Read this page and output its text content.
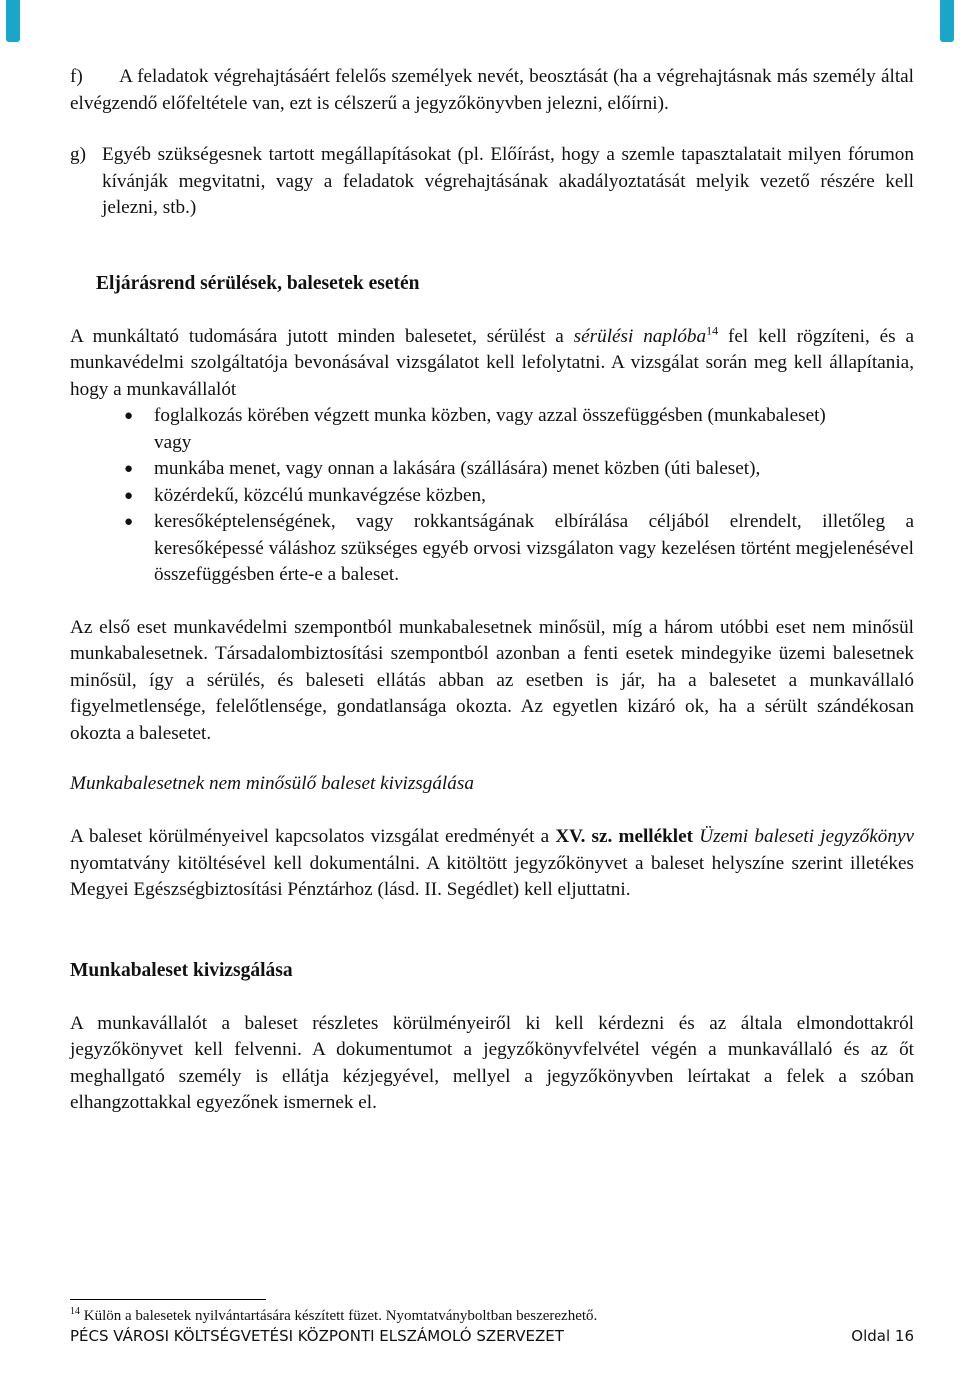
f) A feladatok végrehajtásáért felelős személyek nevét, beosztását (ha a végrehajtásnak más személy által elvégzendő előfeltétele van, ezt is célszerű a jegyzőkönyvben jelezni, előírni).

g) Egyéb szükségesnek tartott megállapításokat (pl. Előírást, hogy a szemle tapasztalatait milyen fórumon kívánják megvitatni, vagy a feladatok végrehajtásának akadályoztatását melyik vezető részére kell jelezni, stb.)
Eljárásrend sérülések, balesetek esetén

A munkáltató tudomására jutott minden balesetet, sérülést a sérülési naplóba$^{14}$ fel kell rögzíteni, és a munkavédelmi szolgáltatója bevonásával vizsgálatot kell lefolytatni. A vizsgálat során meg kell állapítania, hogy a munkavállalót

● foglalkozás körében végzett munka közben, vagy azzal összefüggésben (munkabaleset)
vagy
● munkába menet, vagy onnan a lakására (szállására) menet közben (úti baleset),
● közérdekű, közcélú munkavégzése közben,
● keresőképtelenségének, vagy rokkantságának elbírálása céljából elrendelt, illetőleg a keresőképessé váláshoz szükséges egyéb orvosi vizsgálaton vagy kezelésen történt megjelenésével összefüggésben érte-e a baleset.

Az első eset munkavédelmi szempontból munkabalesetnek minősül, míg a három utóbbi eset nem minősül munkabalesetnek. Társadalombiztosítási szempontból azonban a fenti esetek mindegyike üzemi balesetnek minősül, így a sérülés, és baleseti ellátás abban az esetben is jár, ha a balesetet a munkavállaló figyelmetlensége, felelőtlensége, gondatlansága okozta. Az egyetlen kizáró ok, ha a sérült szándékosan okozta a balesetet.

Munkabalesetnek nem minősülő baleset kivizsgálása

A baleset körülményeivel kapcsolatos vizsgálat eredményét a XV. sz. melléklet Üzemi baleseti jegyzőkönyv nyomtatvány kitöltésével kell dokumentálni. A kitöltött jegyzőkönyvet a baleset helyszíne szerint illetékes Megyei Egészségbiztosítási Pénztárhoz (lásd. II. Segédlet) kell eljuttatni.

Munkabaleset kivizsgálása

A munkavállalót a baleset részletes körülményeiről ki kell kérdezni és az általa elmondottakról jegyzőkönyvet kell felvenni. A dokumentumot a jegyzőkönyvfelvétel végén a munkavállaló és az őt meghallgató személy is ellátja kézjegyével, mellyel a jegyzőkönyvben leírtakat a felek a szóban elhangzottakkal egyezőnek ismernek el.

$^{14}$ Külön a balesetek nyilvántartására készített füzet. Nyomtatványboltban beszerezhető.
PÉCS VÁROSI KÖLTSÉGVETÉSI KÖZPONTI ELSZÁMOLÓ SZERVEZET	Oldal 16
